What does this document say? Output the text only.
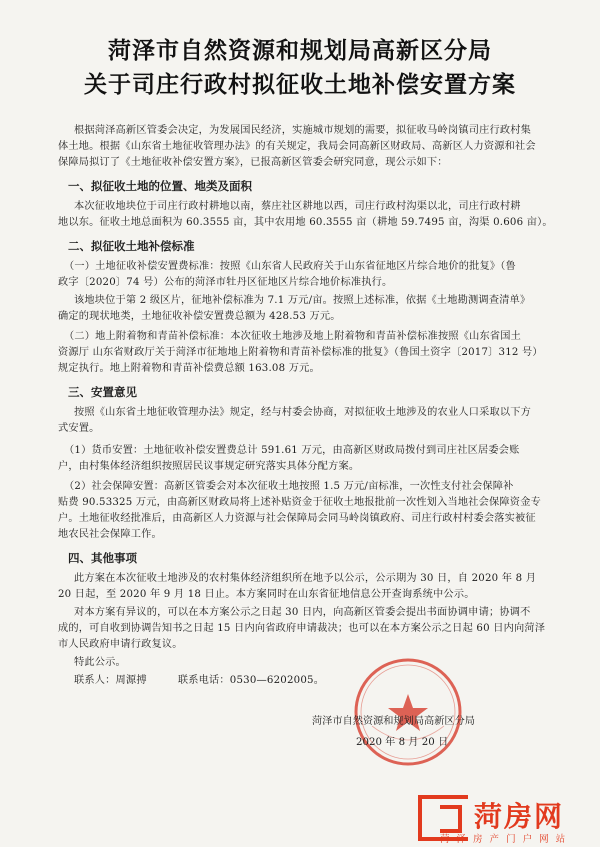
菏泽市自然资源和规划局高新区分局
关于司庄行政村拟征收土地补偿安置方案
根据菏泽高新区管委会决定，为发展国民经济，实施城市规划的需要，拟征收马岭岗镇司庄行政村集
体土地。根据《山东省土地征收管理办法》的有关规定，我局会同高新区财政局、高新区人力资源和社会
保障局拟订了《土地征收补偿安置方案》，已报高新区管委会研究同意，现公示如下：
一、拟征收土地的位置、地类及面积
本次征收地块位于司庄行政村耕地以南，蔡庄社区耕地以西，司庄行政村沟渠以北，司庄行政村耕
地以东。征收土地总面积为 60.3555 亩，其中农用地 60.3555 亩（耕地 59.7495 亩，沟渠 0.606 亩）。
二、拟征收土地补偿标准
（一）土地征收补偿安置费标准：按照《山东省人民政府关于山东省征地区片综合地价的批复》（鲁
政字〔2020〕74 号）公布的菏泽市牡丹区征地区片综合地价标准执行。
该地块位于第 2 级区片，征地补偿标准为 7.1 万元/亩。按照上述标准，依据《土地勘测调查清单》
确定的现状地类，土地征收补偿安置费总额为 428.53 万元。
（二）地上附着物和青苗补偿标准：本次征收土地涉及地上附着物和青苗补偿标准按照《山东省国土
资源厅 山东省财政厅关于菏泽市征地地上附着物和青苗补偿标准的批复》（鲁国土资字〔2017〕312 号）
规定执行。地上附着物和青苗补偿费总额 163.08 万元。
三、安置意见
按照《山东省土地征收管理办法》规定，经与村委会协商，对拟征收土地涉及的农业人口采取以下方
式安置。
（1）货币安置：土地征收补偿安置费总计 591.61 万元，由高新区财政局拨付到司庄社区居委会账
户，由村集体经济组织按照居民议事规定研究落实具体分配方案。
（2）社会保障安置：高新区管委会对本次征收土地按照 1.5 万元/亩标准，一次性支付社会保障补
贴费 90.53325 万元，由高新区财政局将上述补贴资金于征收土地报批前一次性划入当地社会保障资金专
户。土地征收经批准后，由高新区人力资源与社会保障局会同马岭岗镇政府、司庄行政村村委会落实被征
地农民社会保障工作。
四、其他事项
此方案在本次征收土地涉及的农村集体经济组织所在地予以公示，公示期为 30 日，自 2020 年 8 月
20 日起，至 2020 年 9 月 18 日止。本方案同时在山东省征地信息公开查询系统中公示。
对本方案有异议的，可以在本方案公示之日起 30 日内，向高新区管委会提出书面协调申请；协调不
成的，可自收到协调告知书之日起 15 日内向省政府申请裁决；也可以在本方案公示之日起 60 日内向菏泽
市人民政府申请行政复议。
特此公示。
联系人：周源搏　　　联系电话：0530—6202005。
菏泽市自然资源和规划局高新区分局
2020 年 8 月 20 日
菏房网
菏 泽 房 产 门 户 网 站
